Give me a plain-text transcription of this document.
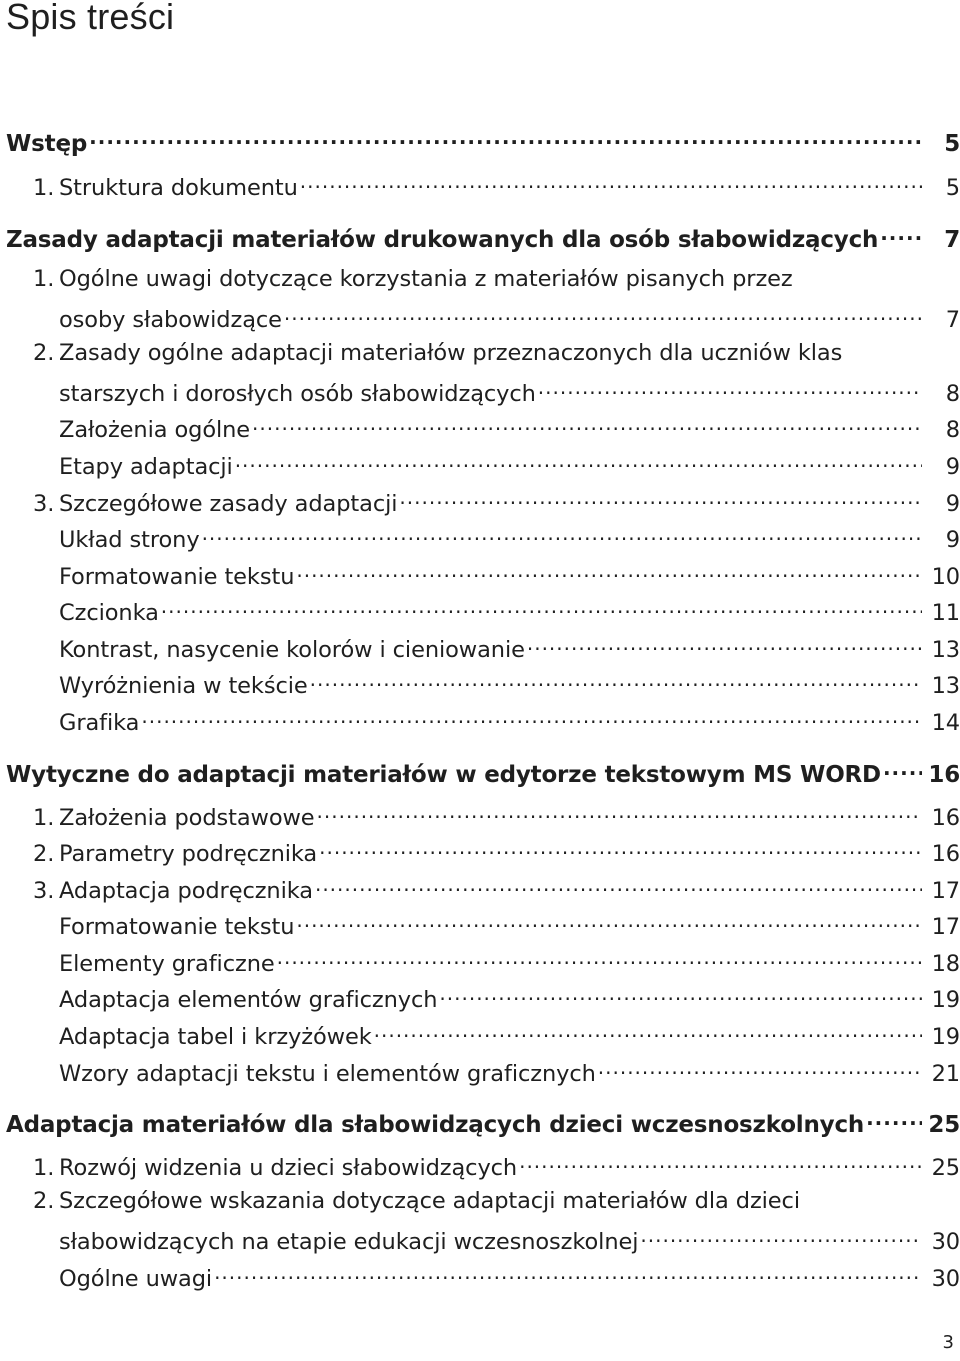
Spis treści
Wstęp .....	5
1. Struktura dokumentu .....	5
Zasady adaptacji materiałów drukowanych dla osób słabowidzących .....	7
1. Ogólne uwagi dotyczące korzystania z materiałów pisanych przez
osoby słabowidzące .....	7
2. Zasady ogólne adaptacji materiałów przeznaczonych dla uczniów klas
starszych i dorosłych osób słabowidzących .....	8
Założenia ogólne .....	8
Etapy adaptacji .....	9
3. Szczegółowe zasady adaptacji .....	9
Układ strony .....	9
Formatowanie tekstu .....	10
Czcionka .....	11
Kontrast, nasycenie kolorów i cieniowanie .....	13
Wyróżnienia w tekście .....	13
Grafika .....	14
Wytyczne do adaptacji materiałów w edytorze tekstowym MS WORD ..... 16
1. Założenia podstawowe .....	16
2. Parametry podręcznika .....	16
3. Adaptacja podręcznika .....	17
Formatowanie tekstu .....	17
Elementy graficzne .....	18
Adaptacja elementów graficznych .....	19
Adaptacja tabel i krzyżówek .....	19
Wzory adaptacji tekstu i elementów graficznych .....	21
Adaptacja materiałów dla słabowidzących dzieci wczesnoszkolnych .....	25
1. Rozwój widzenia u dzieci słabowidzących .....	25
2. Szczegółowe wskazania dotyczące adaptacji materiałów dla dzieci
słabowidzących na etapie edukacji wczesnoszkolnej .....	30
Ogólne uwagi .....	30
3
